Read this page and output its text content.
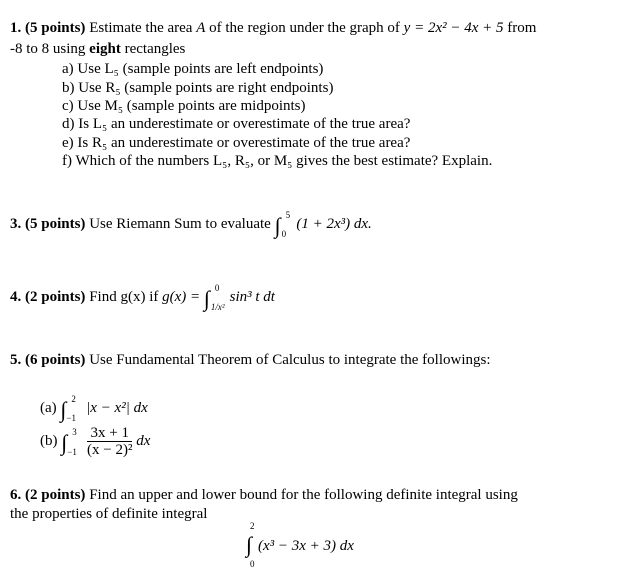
1. (5 points) Estimate the area A of the region under the graph of y = 2x² − 4x + 5 from
-8 to 8 using eight rectangles
a) Use L₅ (sample points are left endpoints)
b) Use R₅ (sample points are right endpoints)
c) Use M₅ (sample points are midpoints)
d) Is L₅ an underestimate or overestimate of the true area?
e) Is R₅ an underestimate or overestimate of the true area?
f) Which of the numbers L₅, R₅, or M₅ gives the best estimate? Explain.
3. (5 points) Use Riemann Sum to evaluate ∫ 5
0
(1 + 2x³) dx.
4. (2 points) Find g(x) if g(x) = ∫ 0
1/x²
sin³ t dt
5. (6 points) Use Fundamental Theorem of Calculus to integrate the followings:
(a) ∫ 2
−1
|x − x²| dx
(b) ∫ 3
−1
$\frac{3x + 1}{\text{(x − 2)²}}$ dx
6. (2 points) Find an upper and lower bound for the following definite integral using
the properties of definite integral
2
∫
0
(x³ − 3x + 3) dx
